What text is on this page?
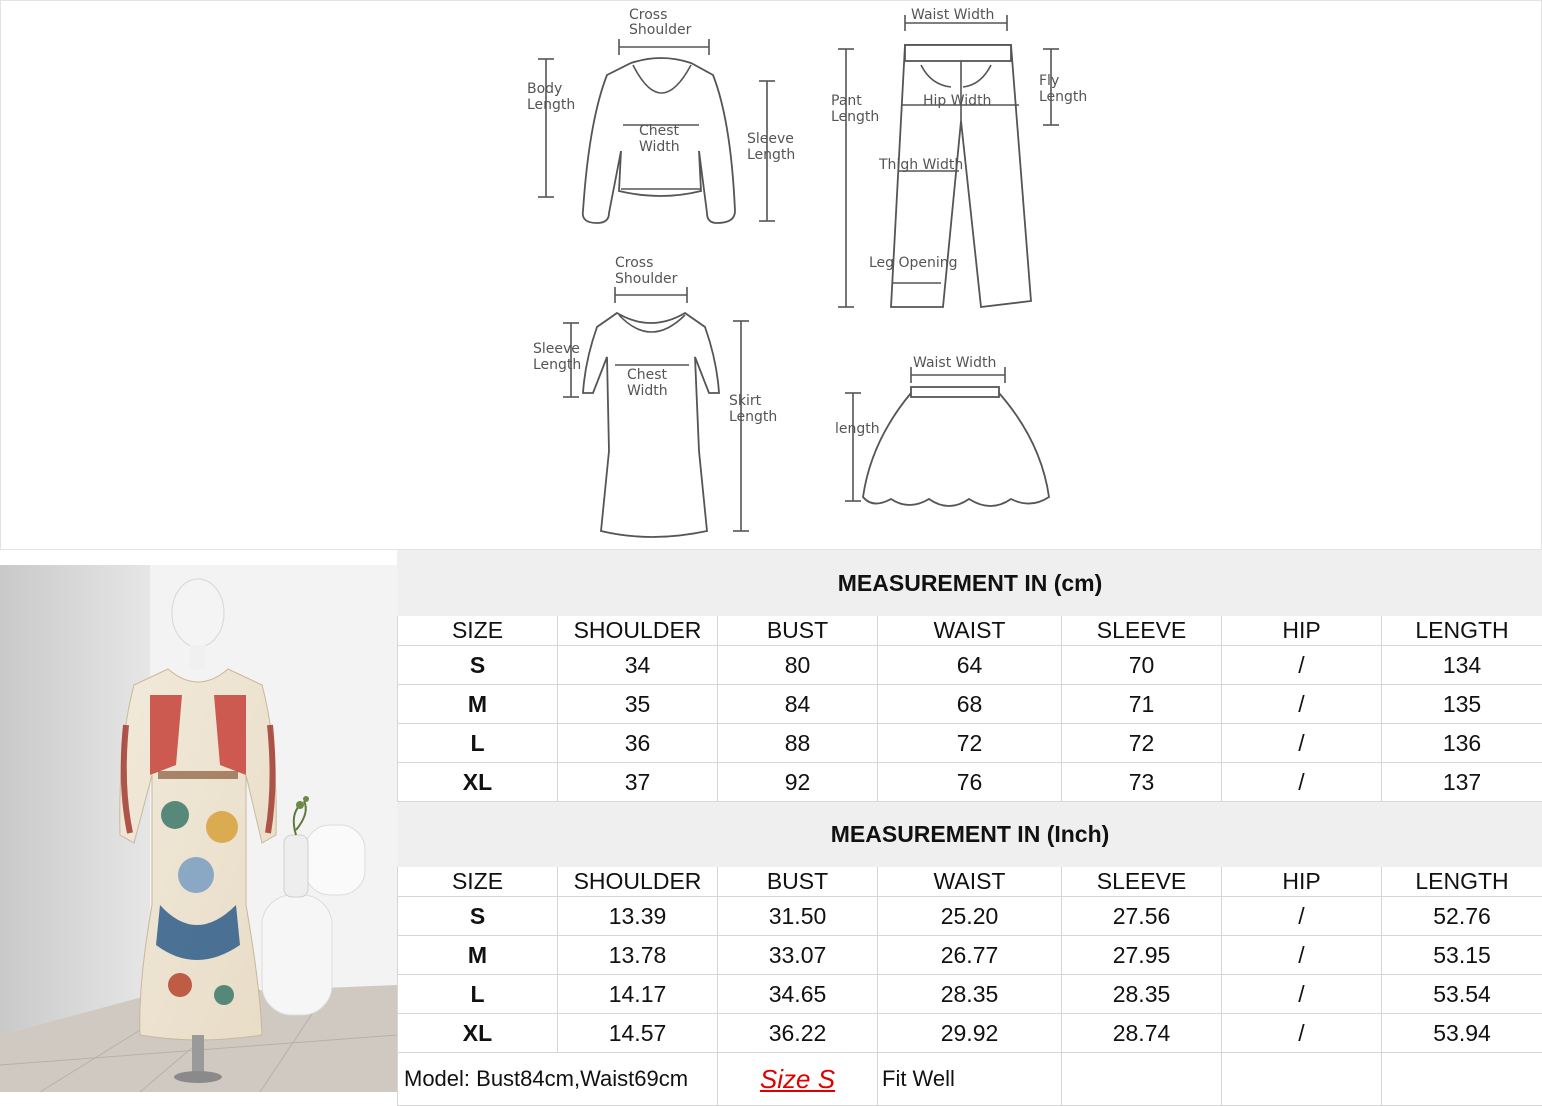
Cross
Shoulder
Body
Length
Chest
Width	Sleeve
Length
Waist Width
Fly
Length
Pant
Length
Hip Width
Thigh Width
Leg Opening
Cross
Shoulder
Sleeve
Length
Chest
Width
Skirt
Length
Waist Width
length
MEASUREMENT IN (cm)						
SIZE	SHOULDER	BUST	WAIST	SLEEVE	HIP	LENGTH
S	34	80	64	70	/	134
M	35	84	68	71	/	135
L	36	88	72	72	/	136
XL	37	92	76	73	/	137
MEASUREMENT IN (Inch)						
SIZE	SHOULDER	BUST	WAIST	SLEEVE	HIP	LENGTH
S	13.39	31.50	25.20	27.56	/	52.76
M	13.78	33.07	26.77	27.95	/	53.15
L	14.17	34.65	28.35	28.35	/	53.54
XL	14.57	36.22	29.92	28.74	/	53.94
Model: Bust84cm,Waist69cm		Size S	Fit Well			
